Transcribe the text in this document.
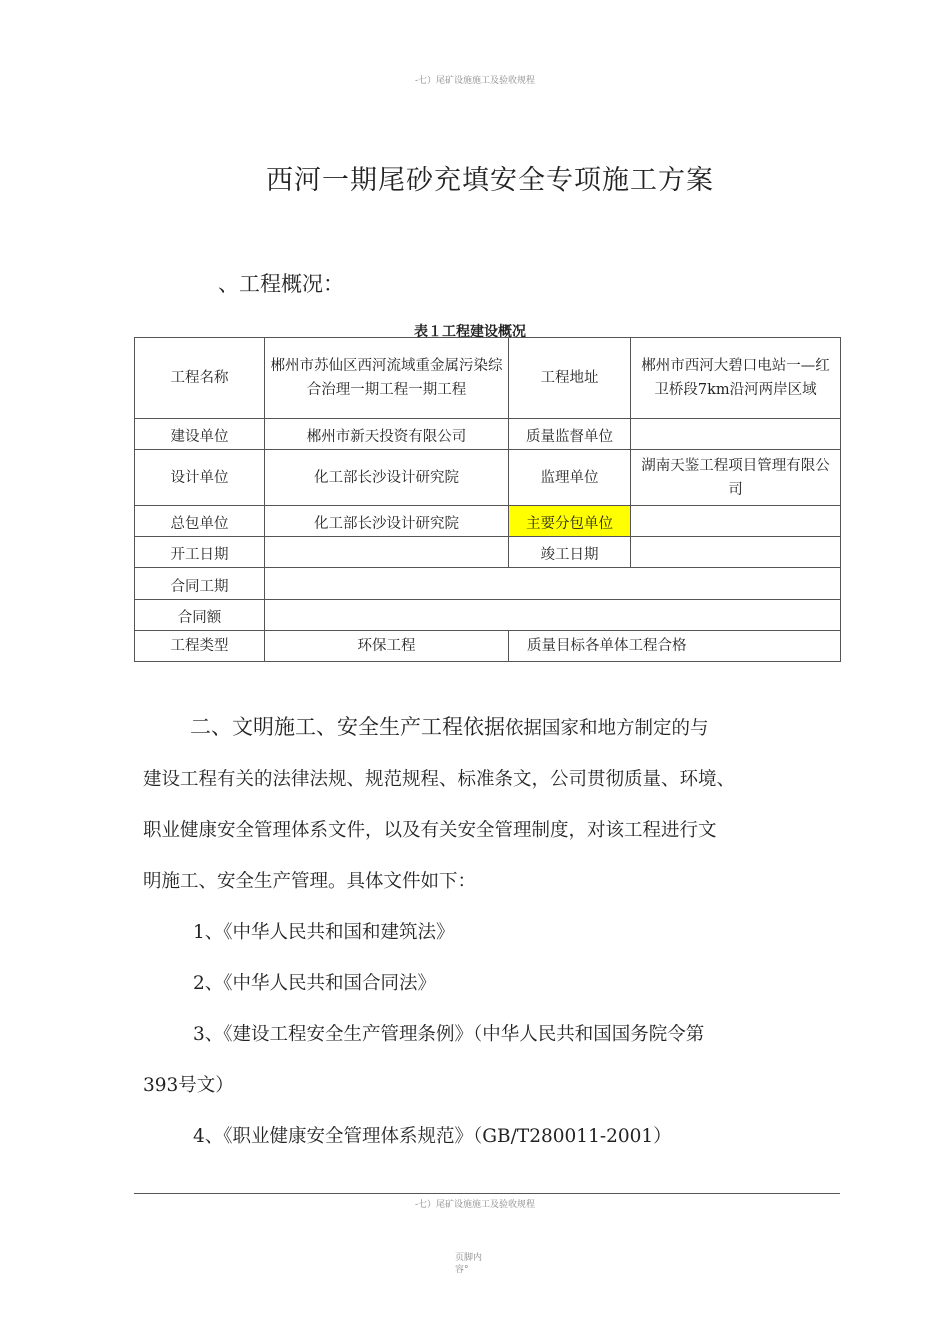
-七）尾矿设施施工及验收规程
西河一期尾砂充填安全专项施工方案
、工程概况：
表１工程建设概况
工程名称	郴州市苏仙区西河流域重金属污染综合治理一期工程一期工程	工程地址	郴州市西河大碧口电站一—红卫桥段7km沿河两岸区域
建设单位	郴州市新天投资有限公司	质量监督单位	
设计单位	化工部长沙设计研究院	监理单位	湖南天鉴工程项目管理有限公司
总包单位	化工部长沙设计研究院	主要分包单位	
开工日期		竣工日期	
合同工期			
合同额			
工程类型	环保工程	质量目标各单体工程合格	

二、文明施工、安全生产工程依据依据国家和地方制定的与

建设工程有关的法律法规、规范规程、标准条文，公司贯彻质量、环境、

职业健康安全管理体系文件，以及有关安全管理制度，对该工程进行文

明施工、安全生产管理。具体文件如下：

1、《中华人民共和国和建筑法》

2、《中华人民共和国合同法》

3、《建设工程安全生产管理条例》（中华人民共和国国务院令第

393号文）

4、《职业健康安全管理体系规范》（GB/T280011-2001）

-七）尾矿设施施工及验收规程
页脚内
容°
